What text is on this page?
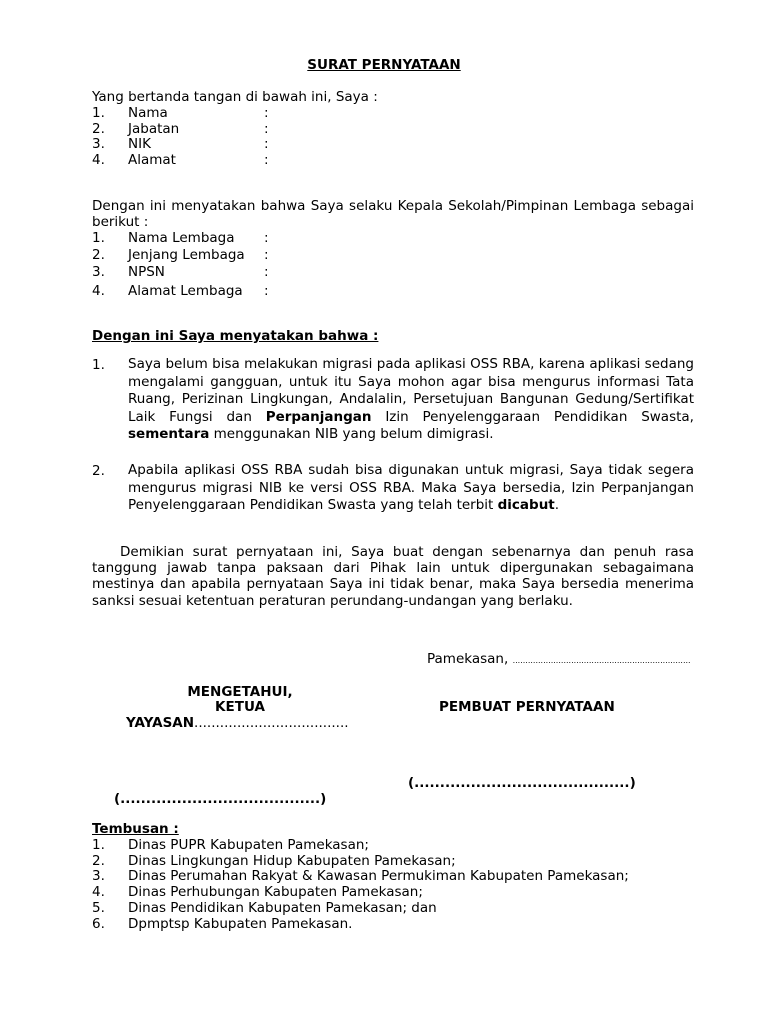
SURAT PERNYATAAN
Yang bertanda tangan di bawah ini, Saya :
1. Nama	:
2. Jabatan	:
3. NIK	:
4. Alamat	:
Dengan ini menyatakan bahwa Saya selaku Kepala Sekolah/Pimpinan Lembaga sebagai berikut :
1. Nama Lembaga :
2. Jenjang Lembaga :
3. NPSN	:
4. Alamat Lembaga :
Dengan ini Saya menyatakan bahwa :
1. Saya belum bisa melakukan migrasi pada aplikasi OSS RBA, karena aplikasi sedang mengalami gangguan, untuk itu Saya mohon agar bisa mengurus informasi Tata Ruang, Perizinan Lingkungan, Andalalin, Persetujuan Bangunan Gedung/Sertifikat Laik Fungsi dan Perpanjangan Izin Penyelenggaraan Pendidikan Swasta, sementara menggunakan NIB yang belum dimigrasi.
2. Apabila aplikasi OSS RBA sudah bisa digunakan untuk migrasi, Saya tidak segera mengurus migrasi NIB ke versi OSS RBA. Maka Saya bersedia, Izin Perpanjangan Penyelenggaraan Pendidikan Swasta yang telah terbit dicabut.
Demikian surat pernyataan ini, Saya buat dengan sebenarnya dan penuh rasa tanggung jawab tanpa paksaan dari Pihak lain untuk dipergunakan sebagaimana mestinya dan apabila pernyataan Saya ini tidak benar, maka Saya bersedia menerima sanksi sesuai ketentuan peraturan perundang-undangan yang berlaku.
Pamekasan, ......................................................................
MENGETAHUI,
KETUA
YAYASAN....................................
PEMBUAT PERNYATAAN
(..........................................)
(.......................................)
Tembusan :
1. Dinas PUPR Kabupaten Pamekasan;
2. Dinas Lingkungan Hidup Kabupaten Pamekasan;
3. Dinas Perumahan Rakyat & Kawasan Permukiman Kabupaten Pamekasan;
4. Dinas Perhubungan Kabupaten Pamekasan;
5. Dinas Pendidikan Kabupaten Pamekasan; dan
6. Dpmptsp Kabupaten Pamekasan.
